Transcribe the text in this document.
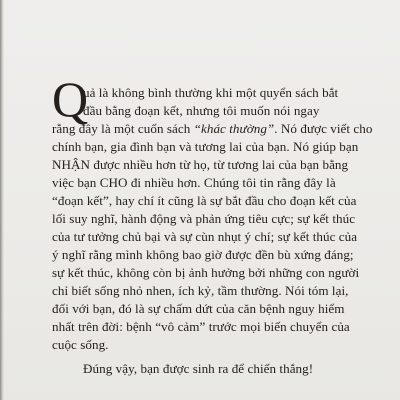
Q
uả là không bình thường khi một quyển sách bắt
đầu bằng đoạn kết, nhưng tôi muốn nói ngay
rằng đây là một cuốn sách “khác thường”. Nó được viết cho
chính bạn, gia đình bạn và tương lai của bạn. Nó giúp bạn
NHẬN được nhiều hơn từ họ, từ tương lai của bạn bằng
việc bạn CHO đi nhiều hơn. Chúng tôi tin rằng đây là
“đoạn kết”, hay chí ít cũng là sự bắt đầu cho đoạn kết của
lối suy nghĩ, hành động và phản ứng tiêu cực; sự kết thúc
của tư tưởng chủ bại và sự cùn nhụt ý chí; sự kết thúc của
ý nghĩ rằng mình không bao giờ được đền bù xứng đáng;
sự kết thúc, không còn bị ảnh hưởng bởi những con người
chỉ biết sống nhỏ nhen, ích kỷ, tầm thường. Nói tóm lại,
đối với bạn, đó là sự chấm dứt của căn bệnh nguy hiểm
nhất trên đời: bệnh “vô cảm” trước mọi biến chuyển của
cuộc sống.
Đúng vậy, bạn được sinh ra để chiến thắng!
